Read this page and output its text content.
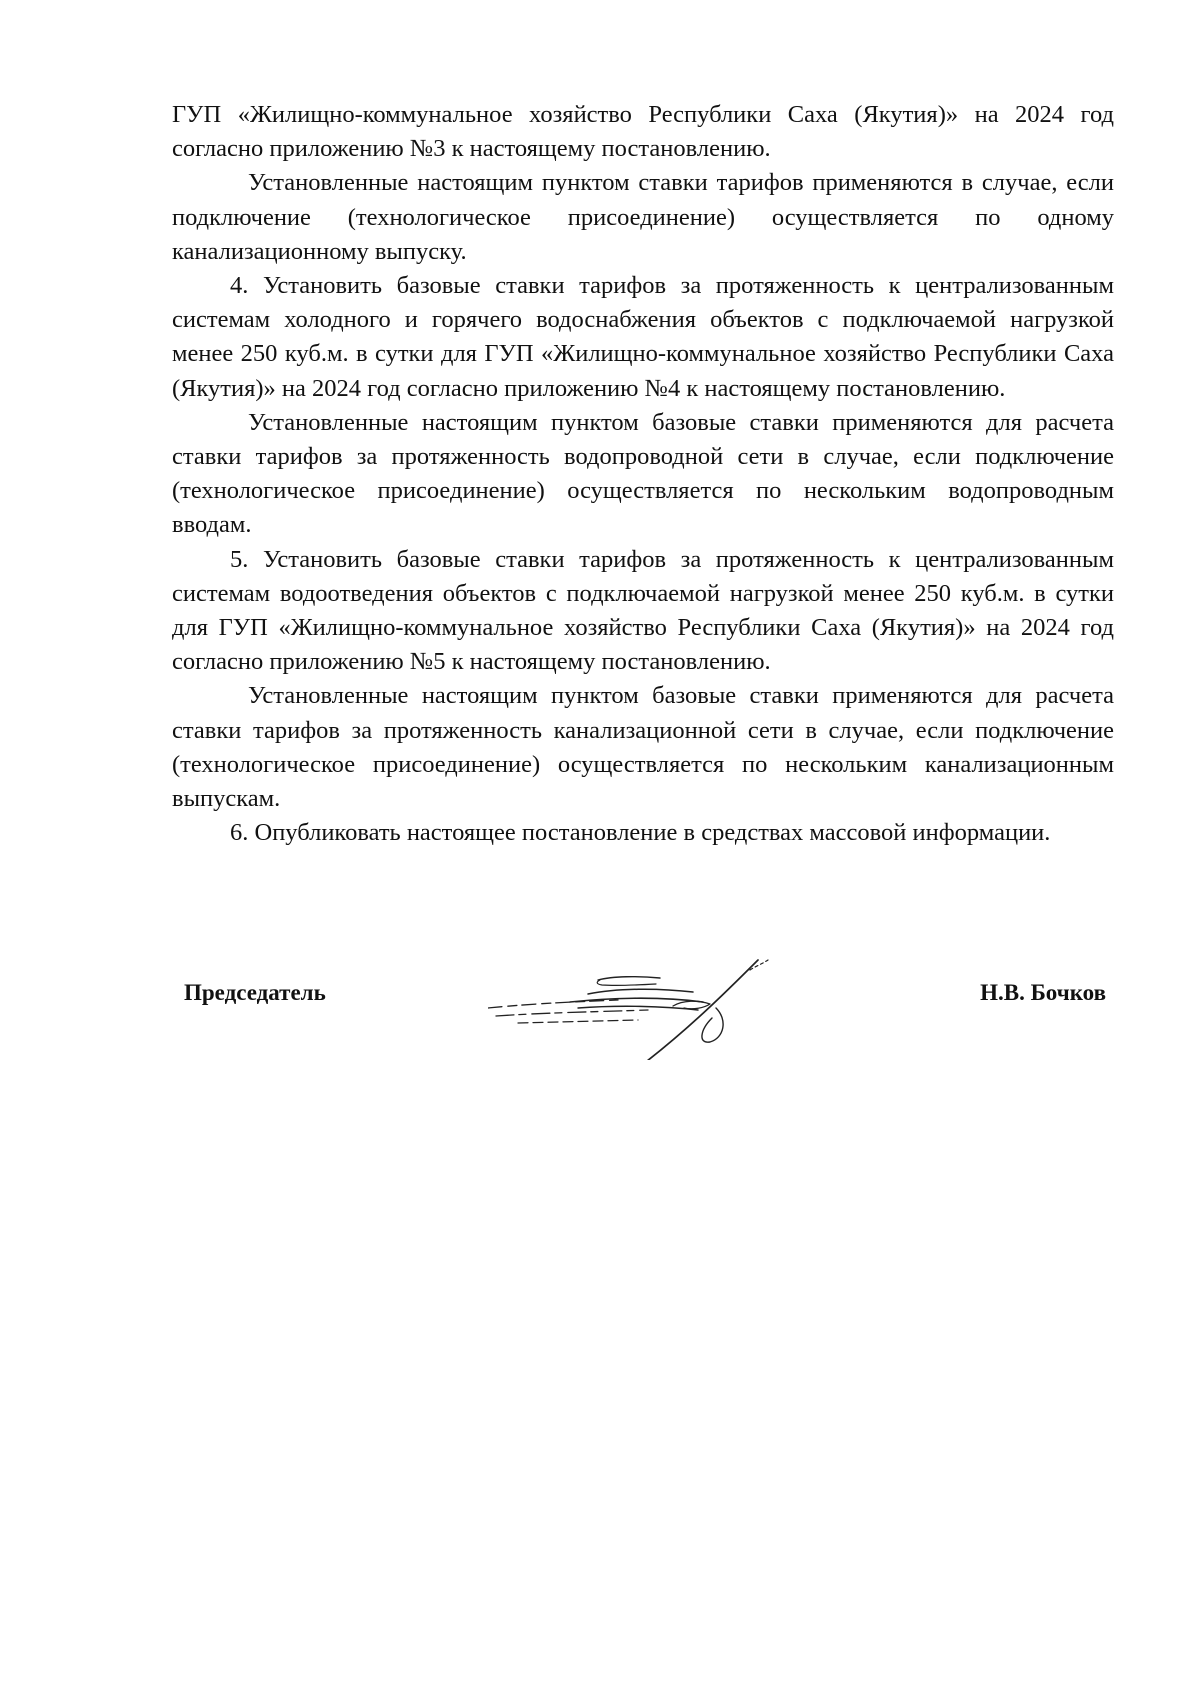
ГУП «Жилищно-коммунальное хозяйство Республики Саха (Якутия)» на 2024 год согласно приложению №3 к настоящему постановлению.

Установленные настоящим пунктом ставки тарифов применяются в случае, если подключение (технологическое присоединение) осуществляется по одному канализационному выпуску.

4. Установить базовые ставки тарифов за протяженность к централизованным системам холодного и горячего водоснабжения объектов с подключаемой нагрузкой менее 250 куб.м. в сутки для ГУП «Жилищно-коммунальное хозяйство Республики Саха (Якутия)» на 2024 год согласно приложению №4 к настоящему постановлению.

Установленные настоящим пунктом базовые ставки применяются для расчета ставки тарифов за протяженность водопроводной сети в случае, если подключение (технологическое присоединение) осуществляется по нескольким водопроводным вводам.

5. Установить базовые ставки тарифов за протяженность к централизованным системам водоотведения объектов с подключаемой нагрузкой менее 250 куб.м. в сутки для ГУП «Жилищно-коммунальное хозяйство Республики Саха (Якутия)» на 2024 год согласно приложению №5 к настоящему постановлению.

Установленные настоящим пунктом базовые ставки применяются для расчета ставки тарифов за протяженность канализационной сети в случае, если подключение (технологическое присоединение) осуществляется по нескольким канализационным выпускам.

6. Опубликовать настоящее постановление в средствах массовой информации.

Председатель	Н.В. Бочков
